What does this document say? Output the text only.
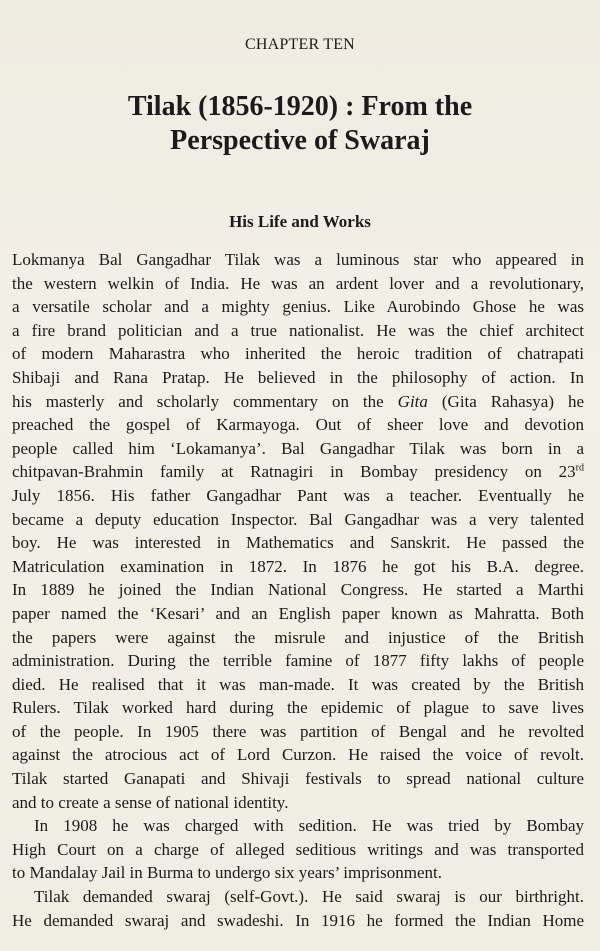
CHAPTER TEN
Tilak (1856-1920) : From the
Perspective of Swaraj
His Life and Works
Lokmanya Bal Gangadhar Tilak was a luminous star who appeared in
the western welkin of India. He was an ardent lover and a revolutionary,
a versatile scholar and a mighty genius. Like Aurobindo Ghose he was
a fire brand politician and a true nationalist. He was the chief architect
of modern Maharastra who inherited the heroic tradition of chatrapati
Shibaji and Rana Pratap. He believed in the philosophy of action. In
his masterly and scholarly commentary on the Gita (Gita Rahasya) he
preached the gospel of Karmayoga. Out of sheer love and devotion
people called him ‘Lokamanya’. Bal Gangadhar Tilak was born in a
chitpavan-Brahmin family at Ratnagiri in Bombay presidency on 23rd
July 1856. His father Gangadhar Pant was a teacher. Eventually he
became a deputy education Inspector. Bal Gangadhar was a very talented
boy. He was interested in Mathematics and Sanskrit. He passed the
Matriculation examination in 1872. In 1876 he got his B.A. degree.
In 1889 he joined the Indian National Congress. He started a Marthi
paper named the ‘Kesari’ and an English paper known as Mahratta. Both
the papers were against the misrule and injustice of the British
administration. During the terrible famine of 1877 fifty lakhs of people
died. He realised that it was man-made. It was created by the British
Rulers. Tilak worked hard during the epidemic of plague to save lives
of the people. In 1905 there was partition of Bengal and he revolted
against the atrocious act of Lord Curzon. He raised the voice of revolt.
Tilak started Ganapati and Shivaji festivals to spread national culture
and to create a sense of national identity.
In 1908 he was charged with sedition. He was tried by Bombay
High Court on a charge of alleged seditious writings and was transported
to Mandalay Jail in Burma to undergo six years’ imprisonment.
Tilak demanded swaraj (self-Govt.). He said swaraj is our birthright.
He demanded swaraj and swadeshi. In 1916 he formed the Indian Home
